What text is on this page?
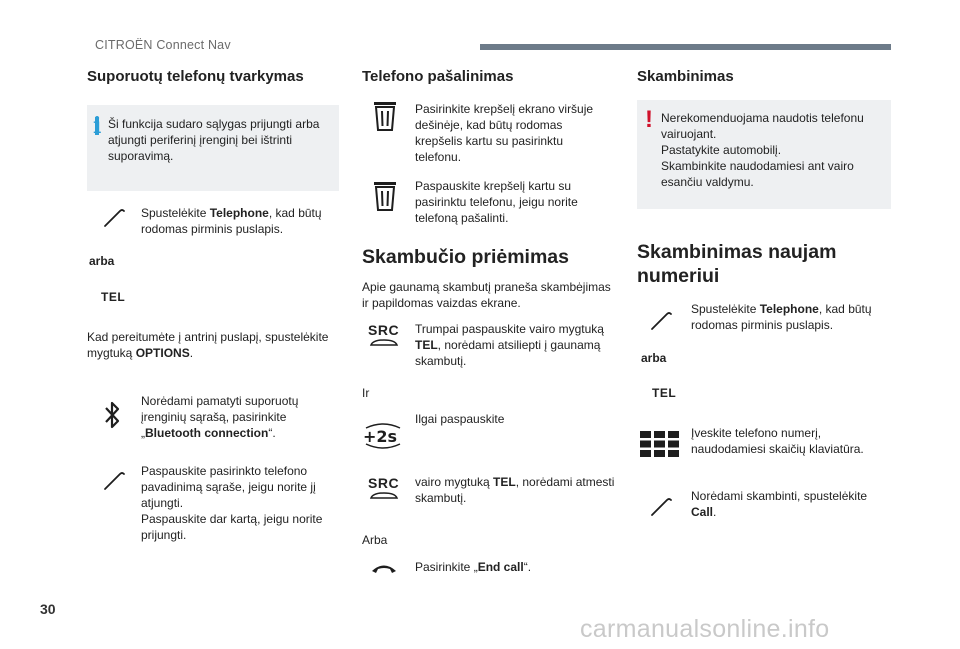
CITROËN Connect Nav
Suporuotų telefonų tvarkymas
i Ši funkcija sudaro sąlygas prijungti arba atjungti periferinį įrenginį bei ištrinti suporavimą.
Spustelėkite Telephone, kad būtų rodomas pirminis puslapis.
arba
TEL
Kad pereitumėte į antrinį puslapį, spustelėkite mygtuką OPTIONS.
Norėdami pamatyti suporuotų įrenginių sąrašą, pasirinkite „Bluetooth connection“.
Paspauskite pasirinkto telefono pavadinimą sąraše, jeigu norite jį atjungti.
Paspauskite dar kartą, jeigu norite prijungti.
Telefono pašalinimas
Pasirinkite krepšelį ekrano viršuje dešinėje, kad būtų rodomas krepšelis kartu su pasirinktu telefonu.
Paspauskite krepšelį kartu su pasirinktu telefonu, jeigu norite telefoną pašalinti.
Skambučio priėmimas
Apie gaunamą skambutį praneša skambėjimas ir papildomas vaizdas ekrane.
SRC Trumpai paspauskite vairo mygtuką TEL, norėdami atsiliepti į gaunamą skambutį.
Ir
+2s
Ilgai paspauskite
SRC vairo mygtuką TEL, norėdami atmesti skambutį.
Arba
Pasirinkite „End call“.
Skambinimas
! Nerekomenduojama naudotis telefonu vairuojant.
Pastatykite automobilį.
Skambinkite naudodamiesi ant vairo esančiu valdymu.
Skambinimas naujam numeriui
Spustelėkite Telephone, kad būtų rodomas pirminis puslapis.
arba
TEL
Įveskite telefono numerį, naudodamiesi skaičių klaviatūra.
Norėdami skambinti, spustelėkite Call.
30
carmanualsonline.info
